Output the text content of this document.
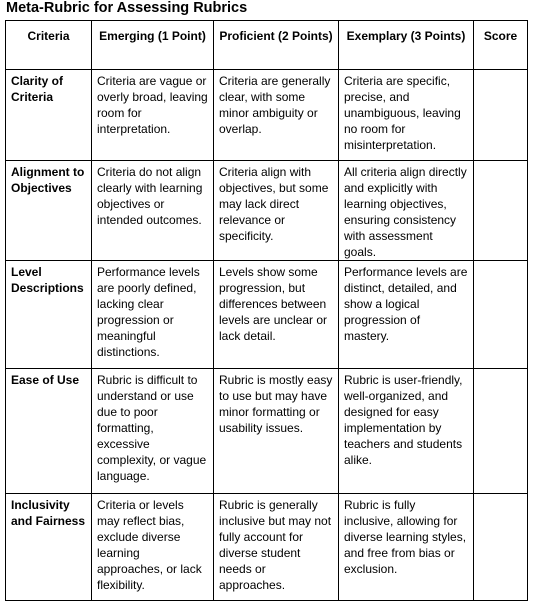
Meta-Rubric for Assessing Rubrics
Criteria	Emerging (1 Point)	Proficient (2 Points)	Exemplary (3 Points)	Score
Clarity of Criteria	Criteria are vague or overly broad, leaving room for interpretation.	Criteria are generally clear, with some minor ambiguity or overlap.	Criteria are specific, precise, and unambiguous, leaving no room for misinterpretation.	
Alignment to Objectives	Criteria do not align clearly with learning objectives or intended outcomes.	Criteria align with objectives, but some may lack direct relevance or specificity.	All criteria align directly and explicitly with learning objectives, ensuring consistency with assessment goals.	
Level Descriptions	Performance levels are poorly defined, lacking clear progression or meaningful distinctions.	Levels show some progression, but differences between levels are unclear or lack detail.	Performance levels are distinct, detailed, and show a logical progression of mastery.	
Ease of Use	Rubric is difficult to understand or use due to poor formatting, excessive complexity, or vague language.	Rubric is mostly easy to use but may have minor formatting or usability issues.	Rubric is user-friendly, well-organized, and designed for easy implementation by teachers and students alike.	
Inclusivity and Fairness	Criteria or levels may reflect bias, exclude diverse learning approaches, or lack flexibility.	Rubric is generally inclusive but may not fully account for diverse student needs or approaches.	Rubric is fully inclusive, allowing for diverse learning styles, and free from bias or exclusion.	
